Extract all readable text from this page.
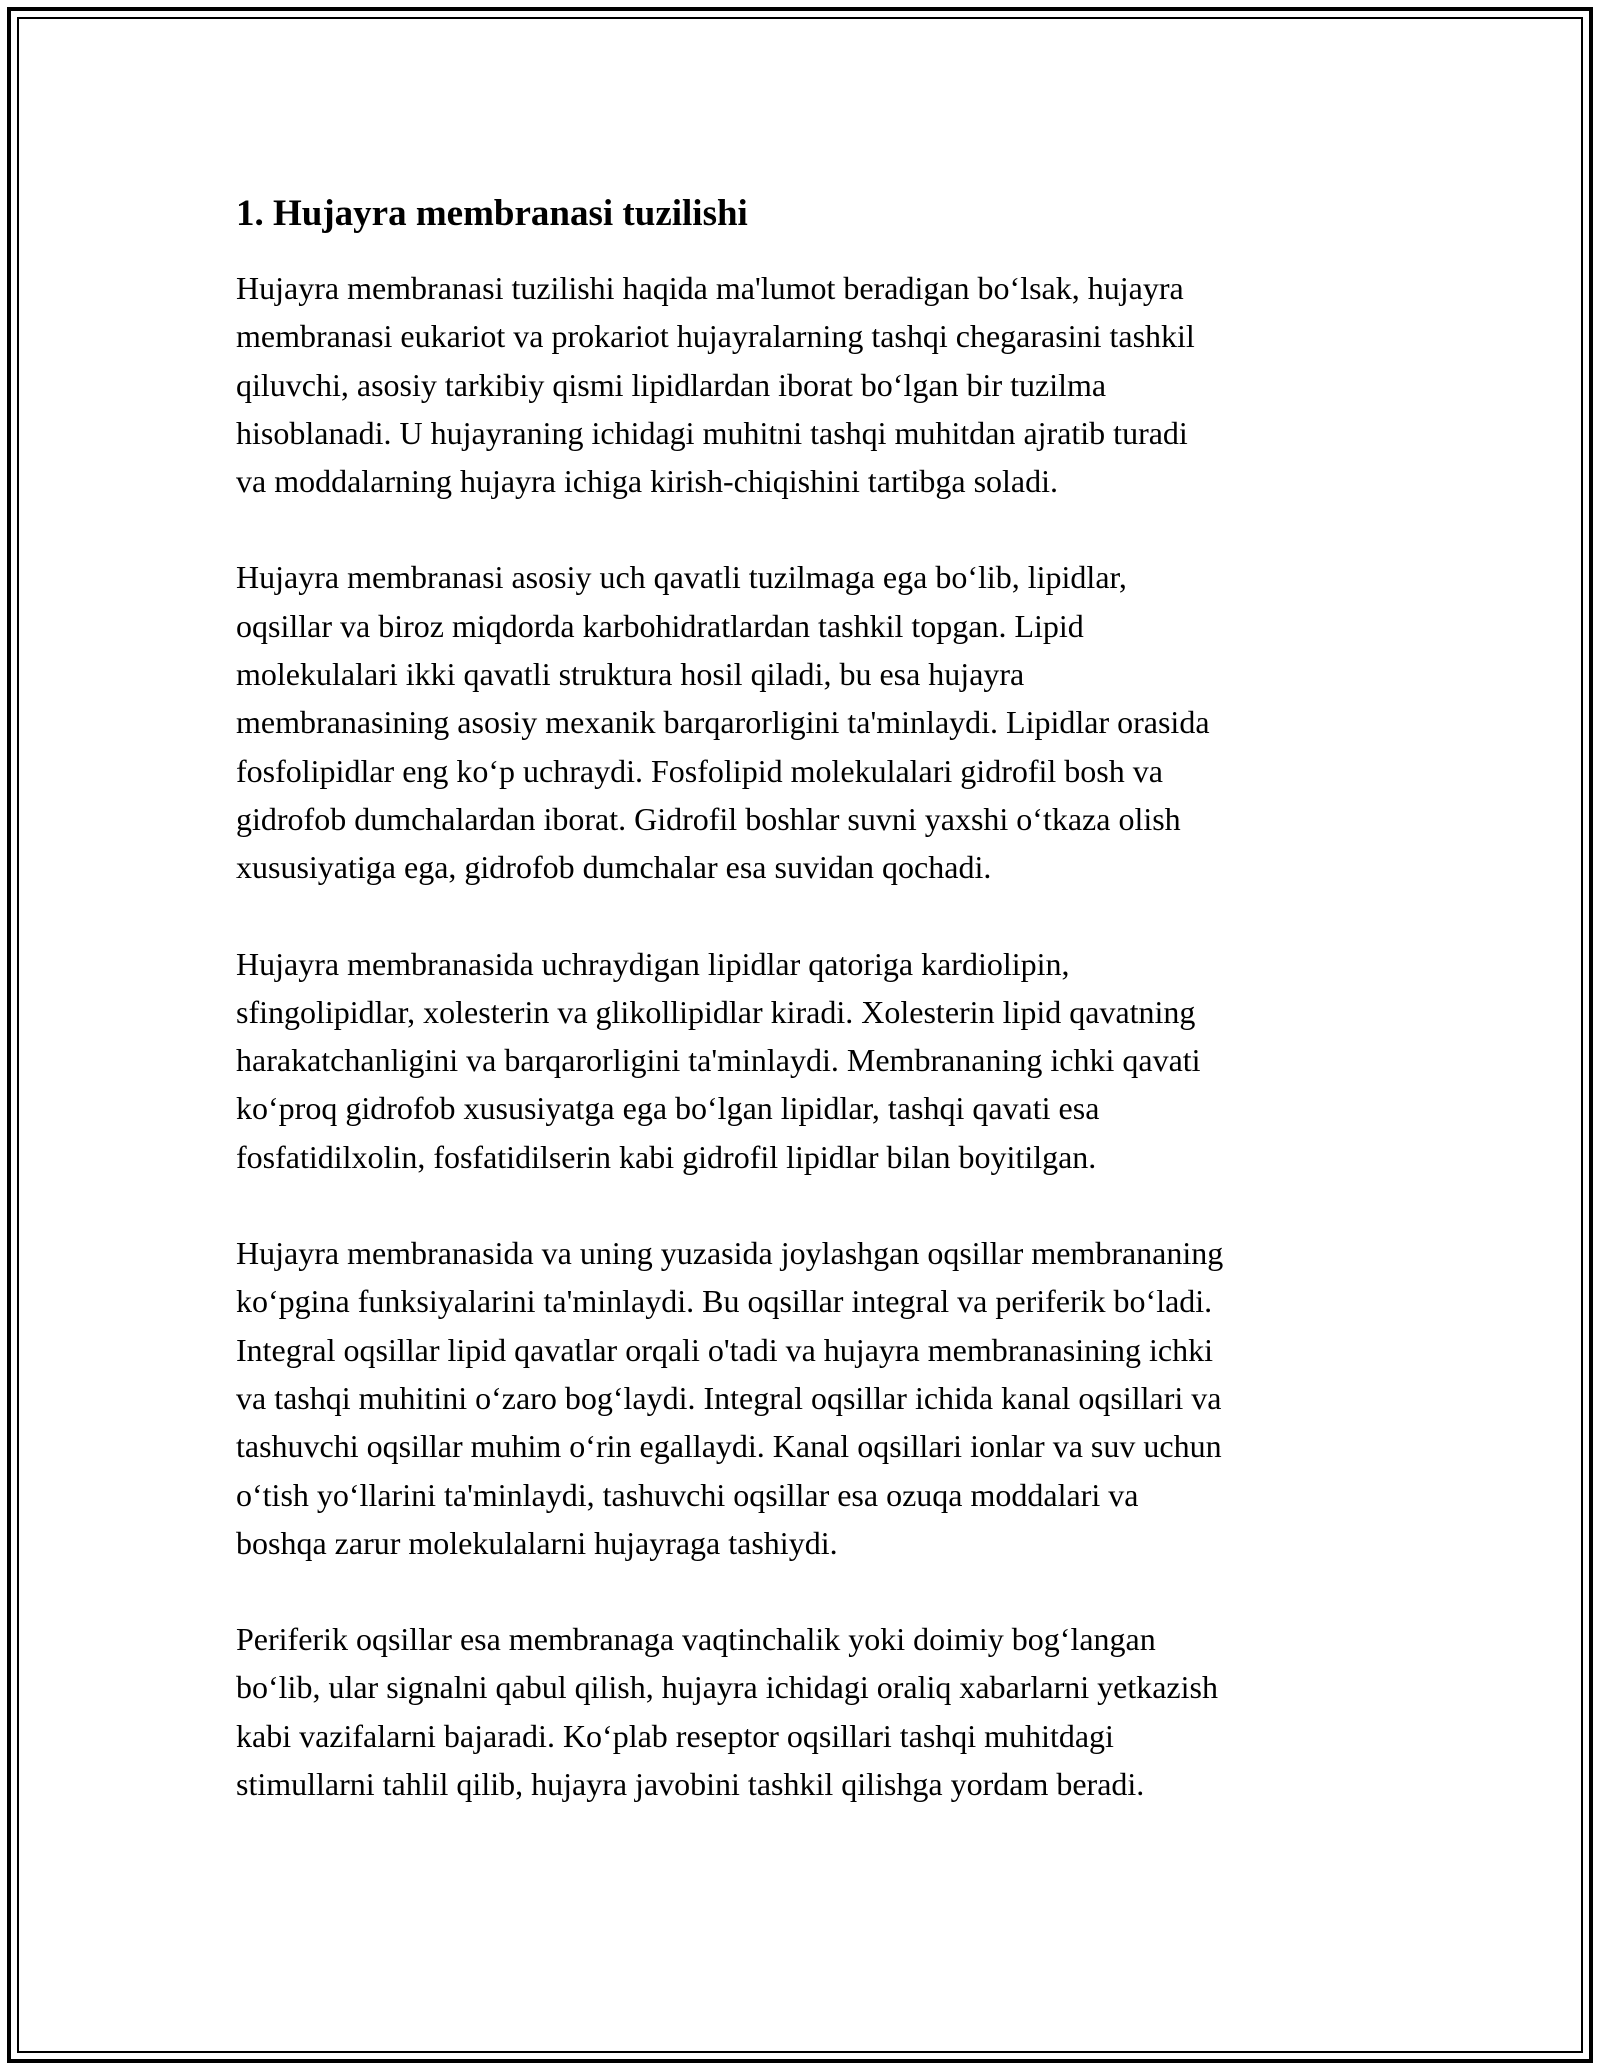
1. Hujayra membranasi tuzilishi

Hujayra membranasi tuzilishi haqida ma'lumot beradigan bo‘lsak, hujayra
membranasi eukariot va prokariot hujayralarning tashqi chegarasini tashkil
qiluvchi, asosiy tarkibiy qismi lipidlardan iborat bo‘lgan bir tuzilma
hisoblanadi. U hujayraning ichidagi muhitni tashqi muhitdan ajratib turadi
va moddalarning hujayra ichiga kirish-chiqishini tartibga soladi.

Hujayra membranasi asosiy uch qavatli tuzilmaga ega bo‘lib, lipidlar,
oqsillar va biroz miqdorda karbohidratlardan tashkil topgan. Lipid
molekulalari ikki qavatli struktura hosil qiladi, bu esa hujayra
membranasining asosiy mexanik barqarorligini ta'minlaydi. Lipidlar orasida
fosfolipidlar eng ko‘p uchraydi. Fosfolipid molekulalari gidrofil bosh va
gidrofob dumchalardan iborat. Gidrofil boshlar suvni yaxshi o‘tkaza olish
xususiyatiga ega, gidrofob dumchalar esa suvidan qochadi.

Hujayra membranasida uchraydigan lipidlar qatoriga kardiolipin,
sfingolipidlar, xolesterin va glikollipidlar kiradi. Xolesterin lipid qavatning
harakatchanligini va barqarorligini ta'minlaydi. Membrananing ichki qavati
ko‘proq gidrofob xususiyatga ega bo‘lgan lipidlar, tashqi qavati esa
fosfatidilxolin, fosfatidilserin kabi gidrofil lipidlar bilan boyitilgan.

Hujayra membranasida va uning yuzasida joylashgan oqsillar membrananing
ko‘pgina funksiyalarini ta'minlaydi. Bu oqsillar integral va periferik bo‘ladi.
Integral oqsillar lipid qavatlar orqali o'tadi va hujayra membranasining ichki
va tashqi muhitini o‘zaro bog‘laydi. Integral oqsillar ichida kanal oqsillari va
tashuvchi oqsillar muhim o‘rin egallaydi. Kanal oqsillari ionlar va suv uchun
o‘tish yo‘llarini ta'minlaydi, tashuvchi oqsillar esa ozuqa moddalari va
boshqa zarur molekulalarni hujayraga tashiydi.

Periferik oqsillar esa membranaga vaqtinchalik yoki doimiy bog‘langan
bo‘lib, ular signalni qabul qilish, hujayra ichidagi oraliq xabarlarni yetkazish
kabi vazifalarni bajaradi. Ko‘plab reseptor oqsillari tashqi muhitdagi
stimullarni tahlil qilib, hujayra javobini tashkil qilishga yordam beradi.
